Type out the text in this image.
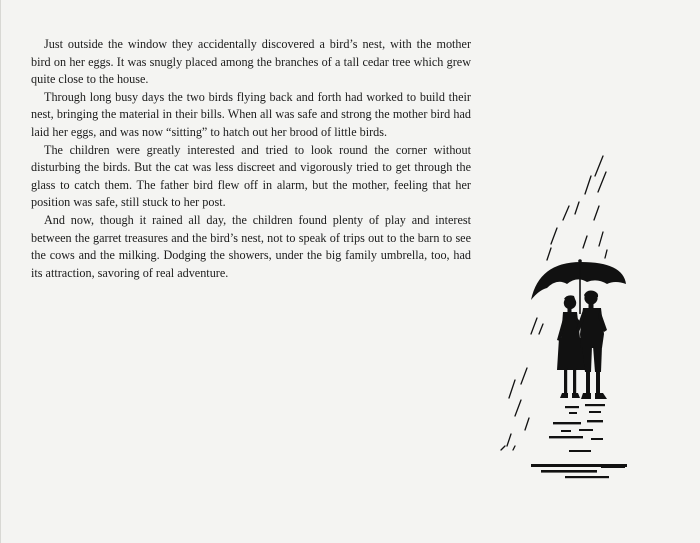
Just outside the window they accidentally discovered a bird’s nest, with the mother bird on her eggs. It was snugly placed among the branches of a tall cedar tree which grew quite close to the house.

Through long busy days the two birds flying back and forth had worked to build their nest, bringing the material in their bills. When all was safe and strong the mother bird had laid her eggs, and was now “sitting” to hatch out her brood of little birds.

The children were greatly interested and tried to look round the corner without disturbing the birds. But the cat was less discreet and vigorously tried to get through the glass to catch them. The father bird flew off in alarm, but the mother, feeling that her position was safe, still stuck to her post.

And now, though it rained all day, the children found plenty of play and interest between the garret treasures and the bird’s nest, not to speak of trips out to the barn to see the cows and the milking. Dodging the showers, under the big family umbrella, too, had its attraction, savoring of real adventure.
